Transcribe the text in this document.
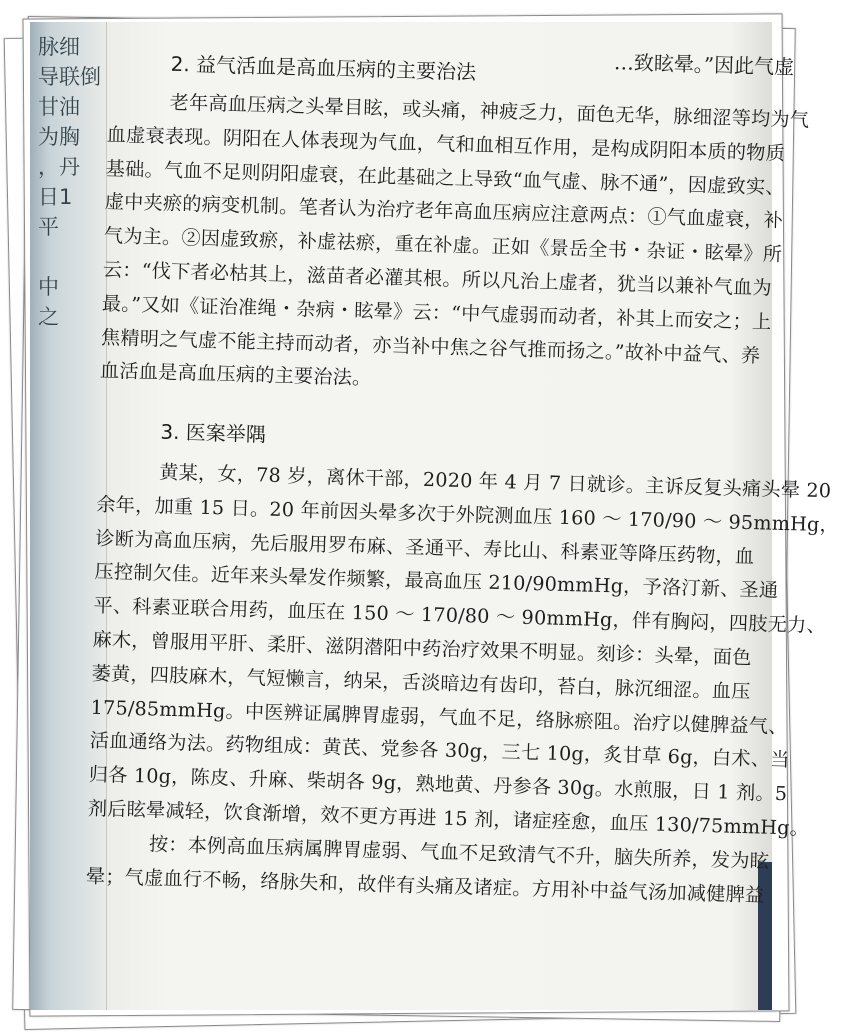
脉细
导联倒
甘油
为胸
，丹
日1
平

中
之
…致眩晕。”因此气虚
2. 益气活血是高血压病的主要治法
老年高血压病之头晕目眩，或头痛，神疲乏力，面色无华，脉细涩等均为气
血虚衰表现。阴阳在人体表现为气血，气和血相互作用，是构成阴阳本质的物质
基础。气血不足则阴阳虚衰，在此基础之上导致“血气虚、脉不通”，因虚致实、
虚中夹瘀的病变机制。笔者认为治疗老年高血压病应注意两点：①气血虚衰，补
气为主。②因虚致瘀，补虚祛瘀，重在补虚。正如《景岳全书・杂证・眩晕》所
云：“伐下者必枯其上，滋苗者必灌其根。所以凡治上虚者，犹当以兼补气血为
最。”又如《证治准绳・杂病・眩晕》云：“中气虚弱而动者，补其上而安之；上
焦精明之气虚不能主持而动者，亦当补中焦之谷气推而扬之。”故补中益气、养
血活血是高血压病的主要治法。
3. 医案举隅
黄某，女，78 岁，离休干部，2020 年 4 月 7 日就诊。主诉反复头痛头晕 20
余年，加重 15 日。20 年前因头晕多次于外院测血压 160 ～ 170/90 ～ 95mmHg，
诊断为高血压病，先后服用罗布麻、圣通平、寿比山、科素亚等降压药物，血
压控制欠佳。近年来头晕发作频繁，最高血压 210/90mmHg，予洛汀新、圣通
平、科素亚联合用药，血压在 150 ～ 170/80 ～ 90mmHg，伴有胸闷，四肢无力、
麻木，曾服用平肝、柔肝、滋阴潜阳中药治疗效果不明显。刻诊：头晕，面色
萎黄，四肢麻木，气短懒言，纳呆，舌淡暗边有齿印，苔白，脉沉细涩。血压
175/85mmHg。中医辨证属脾胃虚弱，气血不足，络脉瘀阻。治疗以健脾益气、
活血通络为法。药物组成：黄芪、党参各 30g，三七 10g，炙甘草 6g，白术、当
归各 10g，陈皮、升麻、柴胡各 9g，熟地黄、丹参各 30g。水煎服，日 1 剂。5
剂后眩晕减轻，饮食渐增，效不更方再进 15 剂，诸症痊愈，血压 130/75mmHg。
按：本例高血压病属脾胃虚弱、气血不足致清气不升，脑失所养，发为眩
晕；气虚血行不畅，络脉失和，故伴有头痛及诸症。方用补中益气汤加减健脾益
